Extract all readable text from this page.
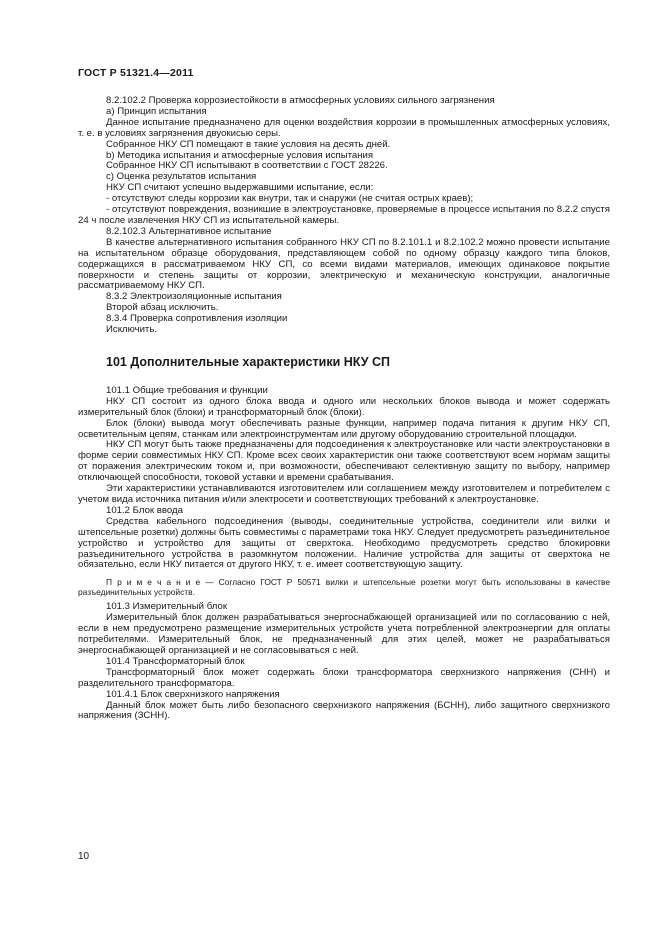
ГОСТ Р 51321.4—2011

8.2.102.2 Проверка коррозиестойкости в атмосферных условиях сильного загрязнения

а) Принцип испытания

Данное испытание предназначено для оценки воздействия коррозии в промышленных атмосферных условиях, т. е. в условиях загрязнения двуокисью серы.

Собранное НКУ СП помещают в такие условия на десять дней.

b) Методика испытания и атмосферные условия испытания

Собранное НКУ СП испытывают в соответствии с ГОСТ 28226.

с) Оценка результатов испытания

НКУ СП считают успешно выдержавшими испытание, если:

- отсутствуют следы коррозии как внутри, так и снаружи (не считая острых краев);

- отсутствуют повреждения, возникшие в электроустановке, проверяемые в процессе испытания по 8.2.2 спустя 24 ч после извлечения НКУ СП из испытательной камеры.

8.2.102.3 Альтернативное испытание

В качестве альтернативного испытания собранного НКУ СП по 8.2.101.1 и 8.2.102.2 можно провести испытание на испытательном образце оборудования, представляющем собой по одному образцу каждого типа блоков, содержащихся в рассматриваемом НКУ СП, со всеми видами материалов, имеющих одинаковое покрытие поверхности и степень защиты от коррозии, электрическую и механическую конструкции, аналогичные рассматриваемому НКУ СП.

8.3.2 Электроизоляционные испытания

Второй абзац исключить.

8.3.4 Проверка сопротивления изоляции

Исключить.

101 Дополнительные характеристики НКУ СП

101.1 Общие требования и функции

НКУ СП состоит из одного блока ввода и одного или нескольких блоков вывода и может содержать измерительный блок (блоки) и трансформаторный блок (блоки).

Блок (блоки) вывода могут обеспечивать разные функции, например подача питания к другим НКУ СП, осветительным цепям, станкам или электроинструментам или другому оборудованию строительной площадки.

НКУ СП могут быть также предназначены для подсоединения к электроустановке или части электроустановки в форме серии совместимых НКУ СП. Кроме всех своих характеристик они также соответствуют всем нормам защиты от поражения электрическим током и, при возможности, обеспечивают селективную защиту по выбору, например отключающей способности, токовой уставки и времени срабатывания.

Эти характеристики устанавливаются изготовителем или соглашением между изготовителем и потребителем с учетом вида источника питания и/или электросети и соответствующих требований к электроустановке.

101.2 Блок ввода

Средства кабельного подсоединения (выводы, соединительные устройства, соединители или вилки и штепсельные розетки) должны быть совместимы с параметрами тока НКУ. Следует предусмотреть разъединительное устройство и устройство для защиты от сверхтока. Необходимо предусмотреть средство блокировки разъединительного устройства в разомкнутом положении. Наличие устройства для защиты от сверхтока не обязательно, если НКУ питается от другого НКУ, т. е. имеет соответствующую защиту.

П р и м е ч а н и е — Согласно ГОСТ Р 50571 вилки и штепсельные розетки могут быть использованы в качестве разъединительных устройств.

101.3 Измерительный блок

Измерительный блок должен разрабатываться энергоснабжающей организацией или по согласованию с ней, если в нем предусмотрено размещение измерительных устройств учета потребленной электроэнергии для оплаты потребителями. Измерительный блок, не предназначенный для этих целей, может не разрабатываться энергоснабжающей организацией и не согласовываться с ней.

101.4 Трансформаторный блок

Трансформаторный блок может содержать блоки трансформатора сверхнизкого напряжения (СНН) и разделительного трансформатора.

101.4.1 Блок сверхнизкого напряжения

Данный блок может быть либо безопасного сверхнизкого напряжения (БСНН), либо защитного сверхнизкого напряжения (ЗСНН).

10
